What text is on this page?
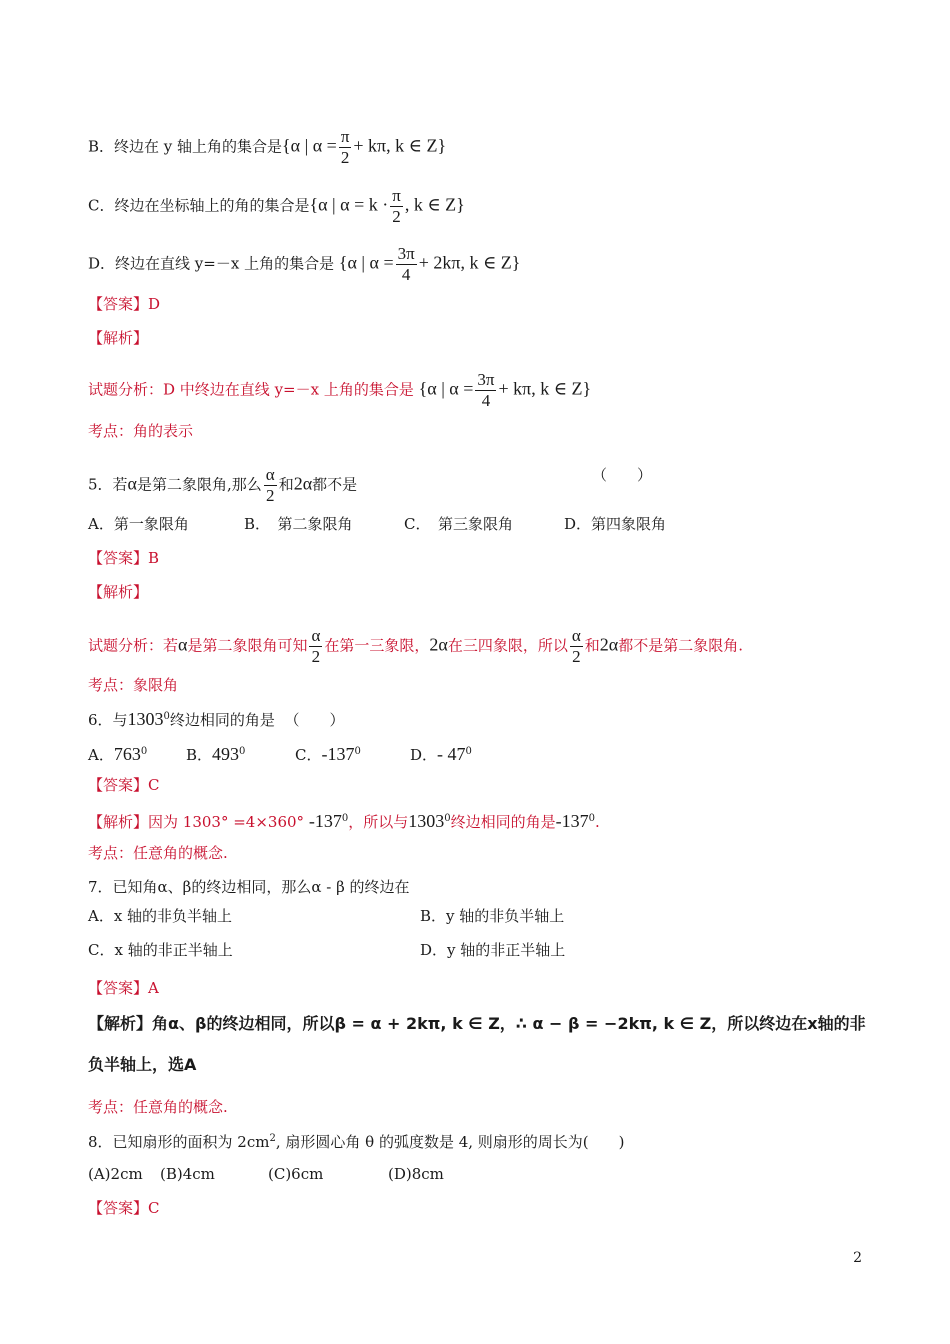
B．终边在 y 轴上角的集合是{α | $\alpha = \frac{\pi}{2} + k\pi$, k ∈ Z}
C．终边在坐标轴上的角的集合是{α | $\alpha = k \cdot \frac{\pi}{2}$ , k ∈ Z}
D．终边在直线 y=－x 上角的集合是 {α | $\alpha = \frac{3\pi}{4} + 2k\pi$, k ∈ Z}
【答案】D
【解析】
试题分析：D 中终边在直线 y=－x 上角的集合是 {α | $\alpha = \frac{3\pi}{4} + k\pi$, k ∈ Z}
考点：角的表示
5．若α是第二象限角,那么 $\frac{\alpha}{2}$ 和2α都不是
（　　）
A．第一象限角	B．　第二象限角	C．　第三象限角	D．第四象限角
【答案】B
【解析】
试题分析：若α是第二象限角可知 $\frac{\alpha}{2}$ 在第一三象限，2α在三四象限，所以 $\frac{\alpha}{2}$ 和2α都不是第二象限角.
考点：象限角
6．与1303$^0$终边相同的角是 （　　）
A．$763^0$	B．$493^0$	C．$-137^0$	D．- $47^0$
【答案】C
【解析】因为 1303° =4×360° $-137^0$，所以与1303$^0$终边相同的角是$-137^0$.
考点：任意角的概念.
7．已知角α、β的终边相同，那么α - β 的终边在
A．x 轴的非负半轴上	B．y 轴的非负半轴上
C．x 轴的非正半轴上	D．y 轴的非正半轴上
【答案】A
【解析】角α、β的终边相同，所以β = α + 2kπ, k ∈ Z，∴ α − β = −2kπ, k ∈ Z，所以终边在x轴的非
负半轴上，选A
考点：任意角的概念.
8．已知扇形的面积为 $2cm^2$, 扇形圆心角 θ 的弧度数是 4, 则扇形的周长为(　　)
(A)2cm (B)4cm	(C)6cm	(D)8cm
【答案】C
2
